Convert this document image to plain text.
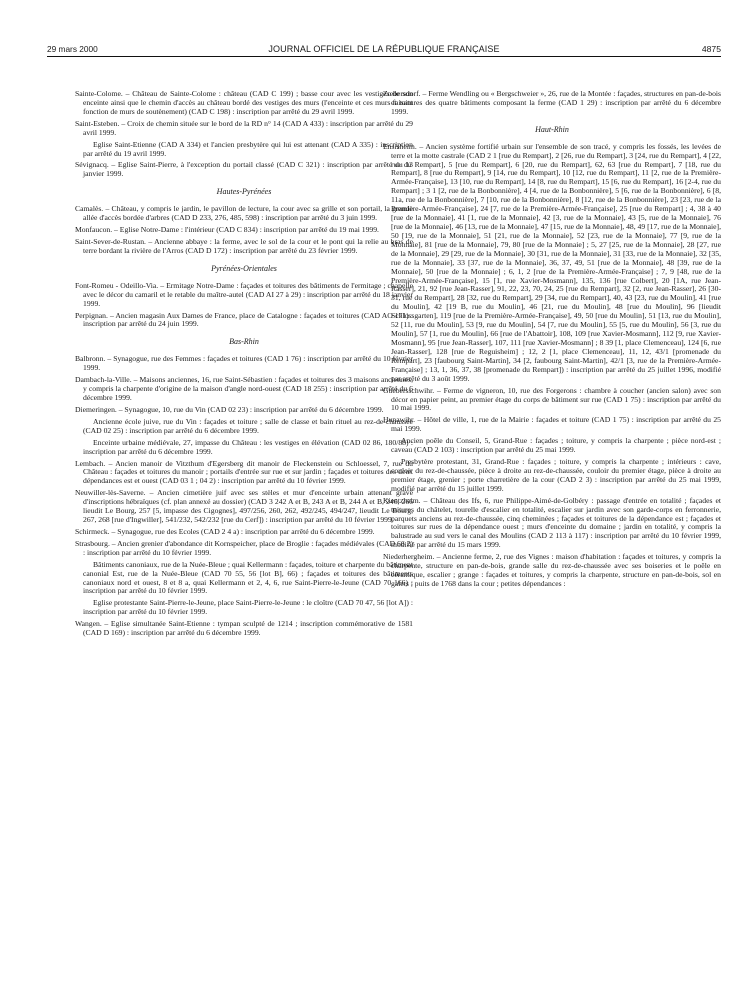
29 mars 2000	JOURNAL OFFICIEL DE LA RÉPUBLIQUE FRANÇAISE	4875

Sainte-Colome. – Château de Sainte-Colome : château (CAD C 199) ; basse cour avec les vestiges de son enceinte ainsi que le chemin d'accès au château bordé des vestiges des murs (l'enceinte et ces murs faisant fonction de murs de soutènement) (CAD C 198) : inscription par arrêté du 29 avril 1999.

Saint-Esteben. – Croix de chemin située sur le bord de la RD n° 14 (CAD A 433) : inscription par arrêté du 29 avril 1999.

Eglise Saint-Etienne (CAD A 334) et l'ancien presbytère qui lui est attenant (CAD A 335) : inscription par arrêté du 19 avril 1999.

Sévignacq. – Eglise Saint-Pierre, à l'exception du portail classé (CAD C 321) : inscription par arrêté du 13 janvier 1999.

Hautes-Pyrénées

Camalès. – Château, y compris le jardin, le pavillon de lecture, la cour avec sa grille et son portail, la grande allée d'accès bordée d'arbres (CAD D 233, 276, 485, 598) : inscription par arrêté du 3 juin 1999.

Monfaucon. – Eglise Notre-Dame : l'intérieur (CAD C 834) : inscription par arrêté du 19 mai 1999.

Saint-Sever-de-Rustan. – Ancienne abbaye : la ferme, avec le sol de la cour et le pont qui la relie au bras de terre bordant la rivière de l'Arros (CAD D 172) : inscription par arrêté du 23 février 1999.

Pyrénées-Orientales

Font-Romeu - Odeillo-Via. – Ermitage Notre-Dame : façades et toitures des bâtiments de l'ermitage ; chapelle avec le décor du camaril et le retable du maître-autel (CAD AI 27 à 29) : inscription par arrêté du 18 janvier 1999.

Perpignan. – Ancien magasin Aux Dames de France, place de Catalogne : façades et toitures (CAD AO 171) : inscription par arrêté du 24 juin 1999.

Bas-Rhin

Balbronn. – Synagogue, rue des Femmes : façades et toitures (CAD 1 76) : inscription par arrêté du 10 février 1999.

Dambach-la-Ville. – Maisons anciennes, 16, rue Saint-Sébastien : façades et toitures des 3 maisons anciennes, y compris la charpente d'origine de la maison d'angle nord-ouest (CAD 18 255) : inscription par arrêté du 6 décembre 1999.

Diemeringen. – Synagogue, 10, rue du Vin (CAD 02 23) : inscription par arrêté du 6 décembre 1999.

Ancienne école juive, rue du Vin : façades et toiture ; salle de classe et bain rituel au rez-de-chaussée (CAD 02 25) : inscription par arrêté du 6 décembre 1999.

Enceinte urbaine médiévale, 27, impasse du Château : les vestiges en élévation (CAD 02 86, 180/88) : inscription par arrêté du 6 décembre 1999.

Lembach. – Ancien manoir de Vitzthum d'Egersberg dit manoir de Fleckenstein ou Schloessel, 7, rue du Château : façades et toitures du manoir ; portails d'entrée sur rue et sur jardin ; façades et toitures des deux dépendances est et ouest (CAD 03 1 ; 04 2) : inscription par arrêté du 10 février 1999.

Neuwiller-lès-Saverne. – Ancien cimetière juif avec ses stèles et mur d'enceinte urbain attenant gravé d'inscriptions hébraïques (cf. plan annexé au dossier) (CAD 3 242 A et B, 243 A et B, 244 A et B, 246, 266 lieudit Le Bourg, 257 [5, impasse des Cigognes], 497/256, 260, 262, 492/245, 494/247, lieudit Le Bourg, 267, 268 [rue d'Ingwiller], 541/232, 542/232 [rue du Cerf]) : inscription par arrêté du 10 février 1999.

Schirmeck. – Synagogue, rue des Ecoles (CAD 2 4 a) : inscription par arrêté du 6 décembre 1999.

Strasbourg. – Ancien grenier d'abondance dit Kornspeicher, place de Broglie : façades médiévales (CAD 66 2) : inscription par arrêté du 10 février 1999.

Bâtiments canoniaux, rue de la Nuée-Bleue ; quai Kellermann : façades, toiture et charpente du bâtiment canonial Est, rue de la Nuée-Bleue (CAD 70 55, 56 [lot B], 66) ; façades et toitures des bâtiments canoniaux nord et ouest, 8 et 8 a, quai Kellermann et 2, 4, 6, rue Saint-Pierre-le-Jeune (CAD 70 166) : inscription par arrêté du 10 février 1999.

Eglise protestante Saint-Pierre-le-Jeune, place Saint-Pierre-le-Jeune : le cloître (CAD 70 47, 56 [lot A]) : inscription par arrêté du 10 février 1999.

Wangen. – Eglise simultanée Saint-Etienne : tympan sculpté de 1214 ; inscription commémorative de 1581 (CAD D 169) : inscription par arrêté du 6 décembre 1999.

Zœbersdorf. – Ferme Wendling ou « Bergschweier », 26, rue de la Montée : façades, structures en pan-de-bois et toitures des quatre bâtiments composant la ferme (CAD 1 29) : inscription par arrêté du 6 décembre 1999.

Haut-Rhin

Ensisheim. – Ancien système fortifié urbain sur l'ensemble de son tracé, y compris les fossés, les levées de terre et la motte castrale (CAD 2 1 [rue du Rempart], 2 [26, rue du Rempart], 3 [24, rue du Rempart], 4 [22, rue du Rempart], 5 [rue du Rempart], 6 [20, rue du Rempart], 62, 63 [rue du Rempart], 7 [18, rue du Rempart], 8 [rue du Rempart], 9 [14, rue du Rempart], 10 [12, rue du Rempart], 11 [2, rue de la Première-Armée-Française], 13 [10, rue du Rempart], 14 [8, rue du Rempart], 15 [6, rue du Rempart], 16 [2-4, rue du Rempart] ; 3 1 [2, rue de la Bonbonnière], 4 [4, rue de la Bonbonnière], 5 [6, rue de la Bonbonnière], 6 [8, 11a, rue de la Bonbonnière], 7 [10, rue de la Bonbonnière], 8 [12, rue de la Bonbonnière], 23 [23, rue de la Première-Armée-Française], 24 [7, rue de la Première-Armée-Française], 25 [rue du Rempart] ; 4, 38 à 40 [rue de la Monnaie], 41 [1, rue de la Monnaie], 42 [3, rue de la Monnaie], 43 [5, rue de la Monnaie], 76 [rue de la Monnaie], 46 [13, rue de la Monnaie], 47 [15, rue de la Monnaie], 48, 49 [17, rue de la Monnaie], 50 [19, rue de la Monnaie], 51 [21, rue de la Monnaie], 52 [23, rue de la Monnaie], 77 [9, rue de la Monnaie], 81 [rue de la Monnaie], 79, 80 [rue de la Monnaie] ; 5, 27 [25, rue de la Monnaie], 28 [27, rue de la Monnaie], 29 [29, rue de la Monnaie], 30 [31, rue de la Monnaie], 31 [33, rue de la Monnaie], 32 [35, rue de la Monnaie], 33 [37, rue de la Monnaie], 36, 37, 49, 51 [rue de la Monnaie], 48 [39, rue de la Monnaie], 50 [rue de la Monnaie] ; 6, 1, 2 [rue de la Première-Armée-Française] ; 7, 9 [48, rue de la Première-Armée-Française], 15 [1, rue Xavier-Mosmann], 135, 136 [rue Colbert], 20 [1A, rue Jean-Rasser], 21, 92 [rue Jean-Rasser], 91, 22, 23, 70, 24, 25 [rue du Rempart], 32 [2, rue Jean-Rasser], 26 [30-31, rue du Rempart], 28 [32, rue du Rempart], 29 [34, rue du Rempart], 40, 43 [23, rue du Moulin], 41 [rue du Moulin], 42 [19 B, rue du Moulin], 46 [21, rue du Moulin], 48 [rue du Moulin], 96 [lieudit Schlossgarten], 119 [rue de la Première-Armée-Française], 49, 50 [rue du Moulin], 51 [13, rue du Moulin], 52 [11, rue du Moulin], 53 [9, rue du Moulin], 54 [7, rue du Moulin], 55 [5, rue du Moulin], 56 [3, rue du Moulin], 57 [1, rue du Moulin], 66 [rue de l'Abattoir], 108, 109 [rue Xavier-Mosmann], 112 [9, rue Xavier-Mosmann], 95 [rue Jean-Rasser], 107, 111 [rue Xavier-Mosmann] ; 8 39 [1, place Clemenceau], 124 [6, rue Jean-Rasser], 128 [rue de Reguisheim] ; 12, 2 [1, place Clemenceau], 11, 12, 43/1 [promenade du Rempart], 23 [faubourg Saint-Martin], 34 [2, faubourg Saint-Martin], 42/1 [3, rue de la Première-Armée-Française] ; 13, 1, 36, 37, 38 [promenade du Rempart]) : inscription par arrêté du 25 juillet 1996, modifié par arrêté du 3 août 1999.

Guebersschwihr. – Ferme de vigneron, 10, rue des Forgerons : chambre à coucher (ancien salon) avec son décor en papier peint, au premier étage du corps de bâtiment sur rue (CAD 1 75) : inscription par arrêté du 10 mai 1999.

Hunawihr. – Hôtel de ville, 1, rue de la Mairie : façades et toiture (CAD 1 75) : inscription par arrêté du 25 mai 1999.

Ancien poêle du Conseil, 5, Grand-Rue : façades ; toiture, y compris la charpente ; pièce nord-est ; caveau (CAD 2 103) : inscription par arrêté du 25 mai 1999.

Presbytère protestant, 31, Grand-Rue : façades ; toiture, y compris la charpente ; intérieurs : cave, couloir du rez-de-chaussée, pièce à droite au rez-de-chaussée, couloir du premier étage, pièce à droite au premier étage, grenier ; porte charretière de la cour (CAD 2 3) : inscription par arrêté du 25 mai 1999, modifié par arrêté du 15 juillet 1999.

Kientzheim. – Château des Ifs, 6, rue Philippe-Aimé-de-Golbéry : passage d'entrée en totalité ; façades et toitures du châtelet, tourelle d'escalier en totalité, escalier sur jardin avec son garde-corps en ferronnerie, parquets anciens au rez-de-chaussée, cinq cheminées ; façades et toitures de la dépendance est ; façades et toitures sur rues de la dépendance ouest ; murs d'enceinte du domaine ; jardin en totalité, y compris la balustrade au sud vers le canal des Moulins (CAD 2 113 à 117) : inscription par arrêté du 10 février 1999, modifié par arrêté du 15 mars 1999.

Niederhergheim. – Ancienne ferme, 2, rue des Vignes : maison d'habitation : façades et toitures, y compris la charpente, structure en pan-de-bois, grande salle du rez-de-chaussée avec ses boiseries et le poêle en céramique, escalier ; grange : façades et toitures, y compris la charpente, structure en pan-de-bois, sol en galets ; puits de 1768 dans la cour ; petites dépendances :
